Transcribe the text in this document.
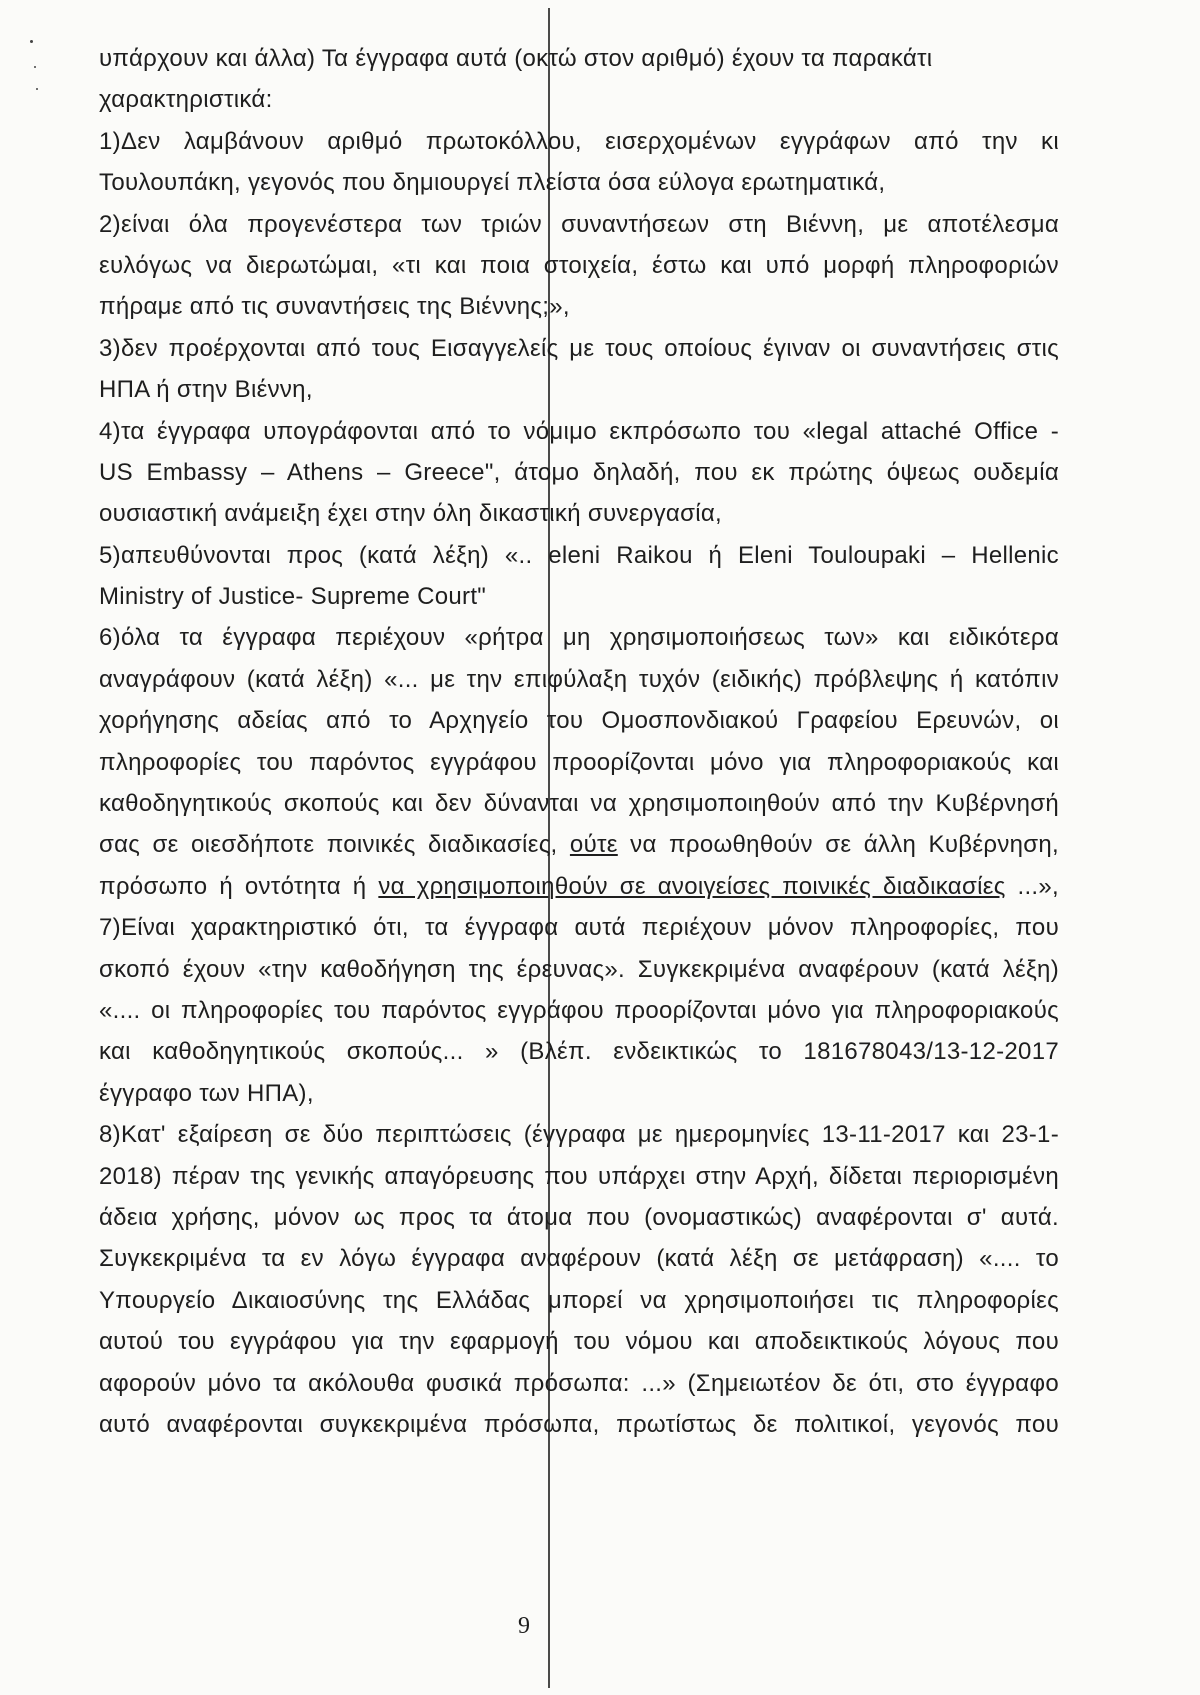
υπάρχουν και άλλα) Τα έγγραφα αυτά (οκτώ στον αριθμό) έχουν τα παρακάτι
χαρακτηριστικά:
1)Δεν λαμβάνουν αριθμό πρωτοκόλλου, εισερχομένων εγγράφων από την κι
Τουλουπάκη, γεγονός που δημιουργεί πλείστα όσα εύλογα ερωτηματικά,
2)είναι όλα προγενέστερα των τριών συναντήσεων στη Βιέννη, με αποτέλεσμα
ευλόγως να διερωτώμαι, «τι και ποια στοιχεία, έστω και υπό μορφή πληροφοριών
πήραμε από τις συναντήσεις της Βιέννης;»,
3)δεν προέρχονται από τους Εισαγγελείς με τους οποίους έγιναν οι συναντήσεις στις
ΗΠΑ ή στην Βιέννη,
4)τα έγγραφα υπογράφονται από το νόμιμο εκπρόσωπο του «legal attaché Office -
US Embassy – Athens – Greece", άτομο δηλαδή, που εκ πρώτης όψεως ουδεμία
ουσιαστική ανάμειξη έχει στην όλη δικαστική συνεργασία,
5)απευθύνονται προς (κατά λέξη) «.. eleni Raikou ή Eleni Touloupaki – Hellenic
Ministry of Justice- Supreme Court"
6)όλα τα έγγραφα περιέχουν «ρήτρα μη χρησιμοποιήσεως των» και ειδικότερα
αναγράφουν (κατά λέξη) «... με την επιφύλαξη τυχόν (ειδικής) πρόβλεψης ή κατόπιν
χορήγησης αδείας από το Αρχηγείο του Ομοσπονδιακού Γραφείου Ερευνών, οι
πληροφορίες του παρόντος εγγράφου προορίζονται μόνο για πληροφοριακούς και
καθοδηγητικούς σκοπούς και δεν δύνανται να χρησιμοποιηθούν από την Κυβέρνησή
σας σε οιεσδήποτε ποινικές διαδικασίες, ούτε να προωθηθούν σε άλλη Κυβέρνηση,
πρόσωπο ή οντότητα ή να χρησιμοποιηθούν σε ανοιγείσες ποινικές διαδικασίες ...»,
7)Είναι χαρακτηριστικό ότι, τα έγγραφα αυτά περιέχουν μόνον πληροφορίες, που
σκοπό έχουν «την καθοδήγηση της έρευνας». Συγκεκριμένα αναφέρουν (κατά λέξη)
«.... οι πληροφορίες του παρόντος εγγράφου προορίζονται μόνο για πληροφοριακούς
και καθοδηγητικούς σκοπούς... » (Βλέπ. ενδεικτικώς το 181678043/13-12-2017
έγγραφο των ΗΠΑ),
8)Κατ' εξαίρεση σε δύο περιπτώσεις (έγγραφα με ημερομηνίες 13-11-2017 και 23-1-
2018) πέραν της γενικής απαγόρευσης που υπάρχει στην Αρχή, δίδεται περιορισμένη
άδεια χρήσης, μόνον ως προς τα άτομα που (ονομαστικώς) αναφέρονται σ' αυτά.
Συγκεκριμένα τα εν λόγω έγγραφα αναφέρουν (κατά λέξη σε μετάφραση) «.... το
Υπουργείο Δικαιοσύνης της Ελλάδας μπορεί να χρησιμοποιήσει τις πληροφορίες
αυτού του εγγράφου για την εφαρμογή του νόμου και αποδεικτικούς λόγους που
αφορούν μόνο τα ακόλουθα φυσικά πρόσωπα: ...» (Σημειωτέον δε ότι, στο έγγραφο
αυτό αναφέρονται συγκεκριμένα πρόσωπα, πρωτίστως δε πολιτικοί, γεγονός που
9
